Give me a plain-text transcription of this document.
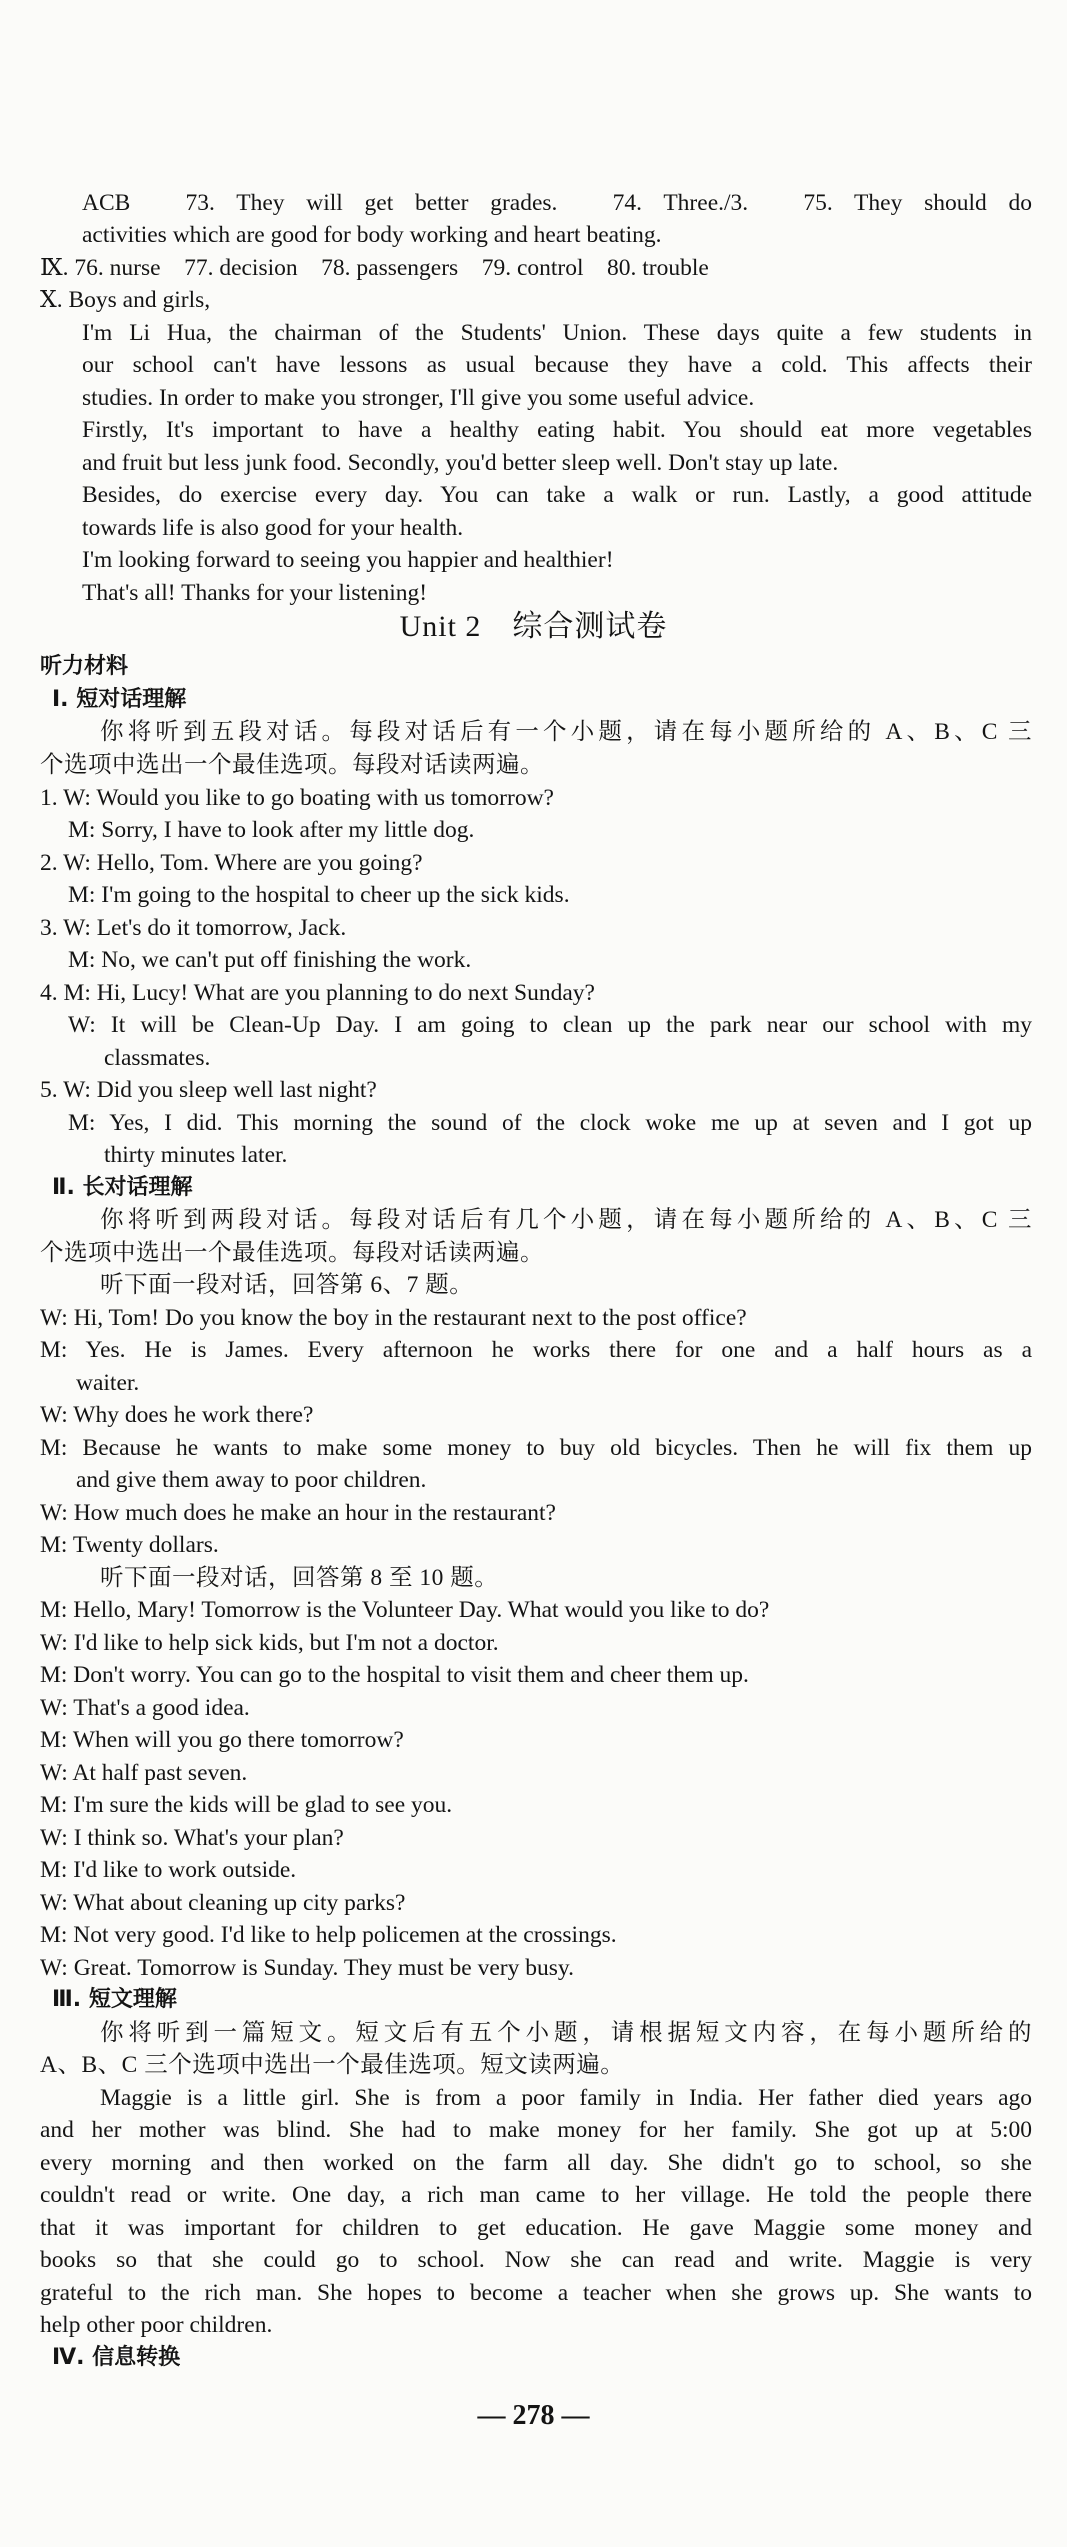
ACB　73. They will get better grades.　74. Three./3.　75. They should do
activities which are good for body working and heart beating.
Ⅸ. 76. nurse　77. decision　78. passengers　79. control　80. trouble
Ⅹ. Boys and girls,
I'm Li Hua, the chairman of the Students' Union. These days quite a few students in
our school can't have lessons as usual because they have a cold. This affects their
studies. In order to make you stronger, I'll give you some useful advice.
Firstly, It's important to have a healthy eating habit. You should eat more vegetables
and fruit but less junk food. Secondly, you'd better sleep well. Don't stay up late.
Besides, do exercise every day. You can take a walk or run. Lastly, a good attitude
towards life is also good for your health.
I'm looking forward to seeing you happier and healthier!
That's all! Thanks for your listening!
Unit 2　综合测试卷
听力材料
Ⅰ. 短对话理解
你将听到五段对话。每段对话后有一个小题，请在每小题所给的 A、B、C 三
个选项中选出一个最佳选项。每段对话读两遍。
1. W: Would you like to go boating with us tomorrow?
M: Sorry, I have to look after my little dog.
2. W: Hello, Tom. Where are you going?
M: I'm going to the hospital to cheer up the sick kids.
3. W: Let's do it tomorrow, Jack.
M: No, we can't put off finishing the work.
4. M: Hi, Lucy! What are you planning to do next Sunday?
W: It will be Clean-Up Day. I am going to clean up the park near our school with my
classmates.
5. W: Did you sleep well last night?
M: Yes, I did. This morning the sound of the clock woke me up at seven and I got up
thirty minutes later.
Ⅱ. 长对话理解
你将听到两段对话。每段对话后有几个小题，请在每小题所给的 A、B、C 三
个选项中选出一个最佳选项。每段对话读两遍。
听下面一段对话，回答第 6、7 题。
W: Hi, Tom! Do you know the boy in the restaurant next to the post office?
M: Yes. He is James. Every afternoon he works there for one and a half hours as a
waiter.
W: Why does he work there?
M: Because he wants to make some money to buy old bicycles. Then he will fix them up
and give them away to poor children.
W: How much does he make an hour in the restaurant?
M: Twenty dollars.
听下面一段对话，回答第 8 至 10 题。
M: Hello, Mary! Tomorrow is the Volunteer Day. What would you like to do?
W: I'd like to help sick kids, but I'm not a doctor.
M: Don't worry. You can go to the hospital to visit them and cheer them up.
W: That's a good idea.
M: When will you go there tomorrow?
W: At half past seven.
M: I'm sure the kids will be glad to see you.
W: I think so. What's your plan?
M: I'd like to work outside.
W: What about cleaning up city parks?
M: Not very good. I'd like to help policemen at the crossings.
W: Great. Tomorrow is Sunday. They must be very busy.
Ⅲ. 短文理解
你将听到一篇短文。短文后有五个小题，请根据短文内容，在每小题所给的
A、B、C 三个选项中选出一个最佳选项。短文读两遍。
Maggie is a little girl. She is from a poor family in India. Her father died years ago
and her mother was blind. She had to make money for her family. She got up at 5:00
every morning and then worked on the farm all day. She didn't go to school, so she
couldn't read or write. One day, a rich man came to her village. He told the people there
that it was important for children to get education. He gave Maggie some money and
books so that she could go to school. Now she can read and write. Maggie is very
grateful to the rich man. She hopes to become a teacher when she grows up. She wants to
help other poor children.
Ⅳ. 信息转换
— 278 —
